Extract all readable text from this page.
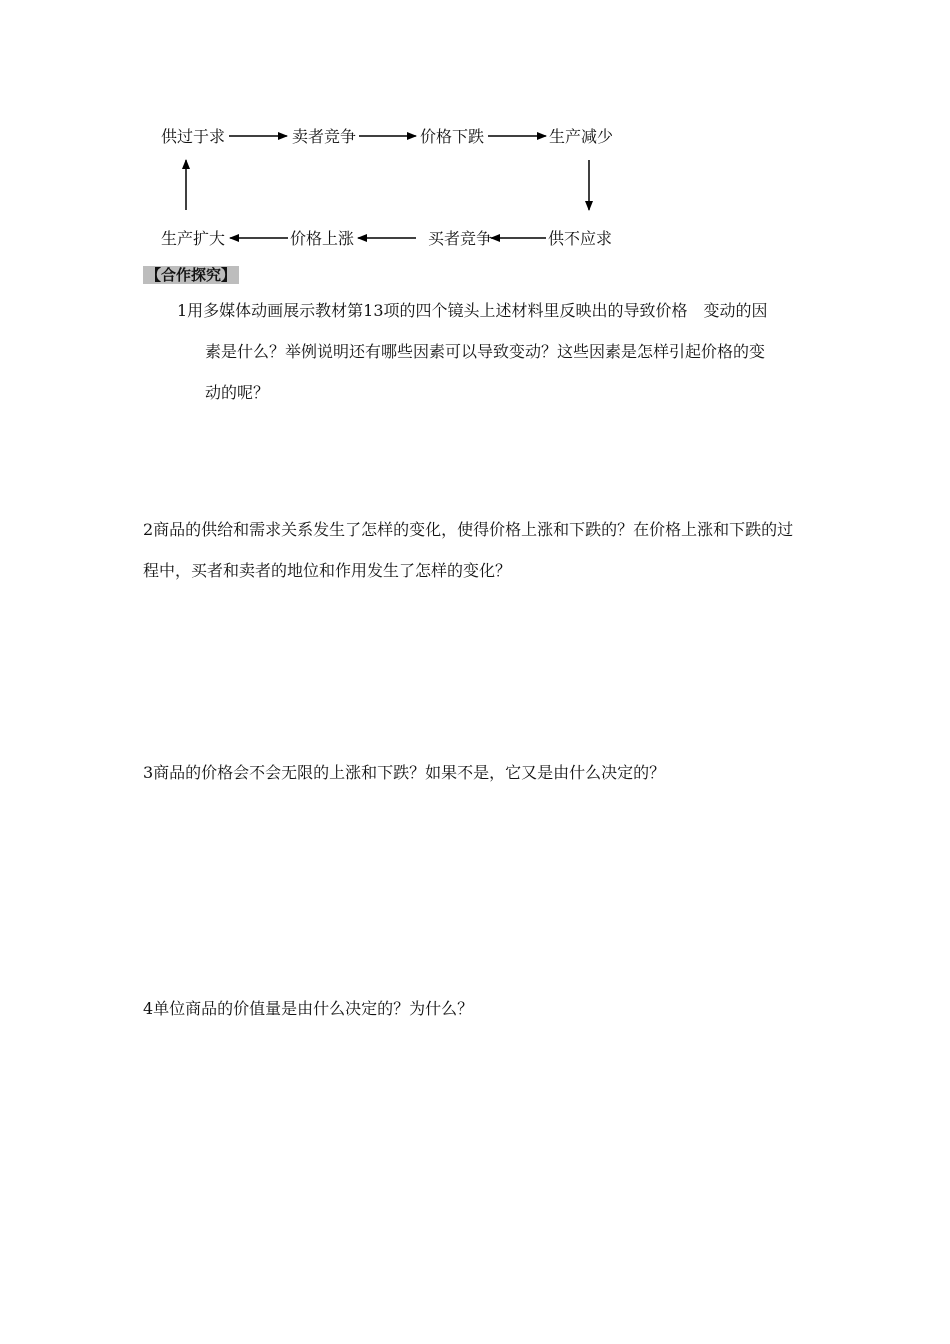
供过于求	卖者竞争	价格下跌	生产减少
供不应求
买者竞争
价格上涨
生产扩大
【合作探究】
1用多媒体动画展示教材第13项的四个镜头上述材料里反映出的导致价格 变动的因
素是什么？举例说明还有哪些因素可以导致变动？这些因素是怎样引起价格的变
动的呢？
2商品的供给和需求关系发生了怎样的变化，使得价格上涨和下跌的？在价格上涨和下跌的过程中，买者和卖者的地位和作用发生了怎样的变化？
3商品的价格会不会无限的上涨和下跌？如果不是，它又是由什么决定的？
4单位商品的价值量是由什么决定的？为什么？
